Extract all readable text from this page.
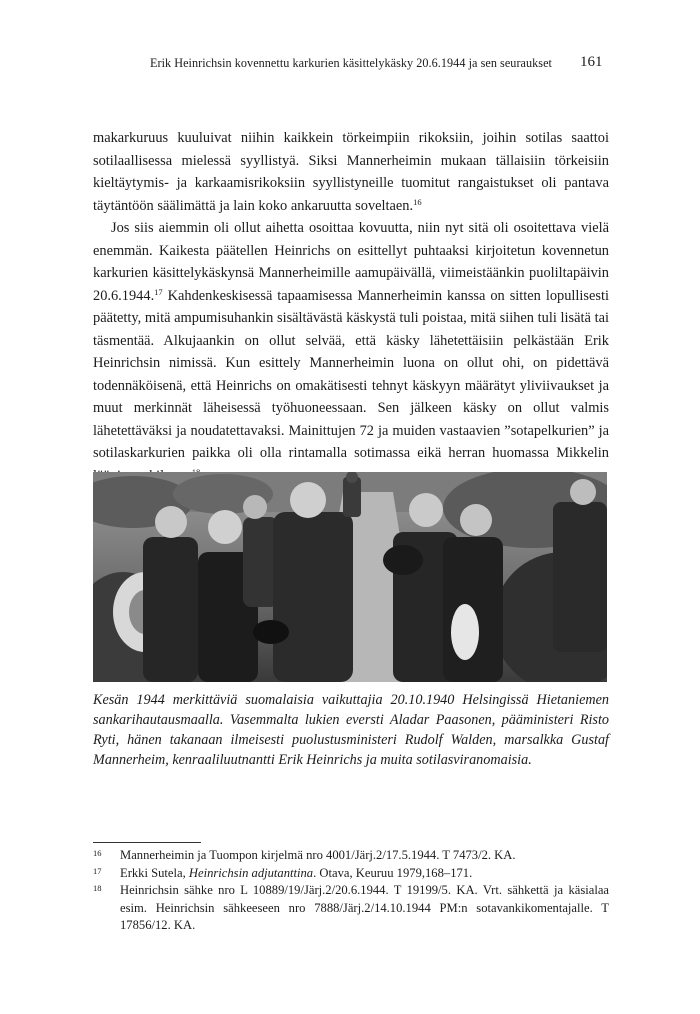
Erik Heinrichsin kovennettu karkurien käsittelykäsky 20.6.1944 ja sen seuraukset 161

makarkuruus kuuluivat niihin kaikkein törkeimpiin rikoksiin, joihin sotilas saattoi sotilaallisessa mielessä syyllistyä. Siksi Mannerheimin mukaan tällaisiin törkeisiin kieltäytymis- ja karkaamisrikoksiin syyllistyneille tuomitut rangaistukset oli pantava täytäntöön säälimättä ja lain koko ankaruutta soveltaen.$^{16}$

Jos siis aiemmin oli ollut aihetta osoittaa kovuutta, niin nyt sitä oli osoitettava vielä enemmän. Kaikesta päätellen Heinrichs on esittellyt puhtaaksi kirjoitetun kovennetun karkurien käsittelykäskynsä Mannerheimille aamupäivällä, viimeistäänkin puoliltapäivin 20.6.1944.17 Kahdenkeskisessä tapaamisessa Mannerheimin kanssa on sitten lopullisesti päätetty, mitä ampumisuhankin sisältävästä käskystä tuli poistaa, mitä siihen tuli lisätä tai täsmentää. Alkujaankin on ollut selvää, että käsky lähetettäisiin pelkästään Erik Heinrichsin nimissä. Kun esittely Mannerheimin luona on ollut ohi, on pidettävä todennäköisenä, että Heinrichs on omakätisesti tehnyt käskyyn määrätyt yliviivaukset ja muut merkinnät läheisessä työhuoneessaan. Sen jälkeen käsky on ollut valmis lähetettäväksi ja noudatettavaksi. Mainittujen 72 ja muiden vastaavien ”sotapelkurien” ja sotilaskarkurien paikka oli olla rintamalla sotimassa eikä herran huomassa Mikkelin

Kesän 1944 merkittäviä suomalaisia vaikuttajia 20.10.1940 Helsingissä Hietaniemen sankarihautausmaalla. Vasemmalta lukien eversti Aladar Paasonen, pääministeri Risto Ryti, hänen takanaan ilmeisesti puolustusministeri Rudolf Walden, marsalkka Gustaf Mannerheim, kenraaliluutnantti Erik Heinrichs ja muita sotilasviranomaisia.
16 Mannerheimin ja Tuompon kirjelmä nro 4001/Järj.2/17.5.1944. T 7473/2. KA.
17 Erkki Sutela, Heinrichsin adjutanttina. Otava, Keuruu 1979,168–171.
18 Heinrichsin sähke nro L 10889/19/Järj.2/20.6.1944. T 19199/5. KA. Vrt. sähkettä ja käsialaa esim. Heinrichsin sähkeeseen nro 7888/Järj.2/14.10.1944 PM:n sotavankikomentajalle. T 17856/12. KA.
